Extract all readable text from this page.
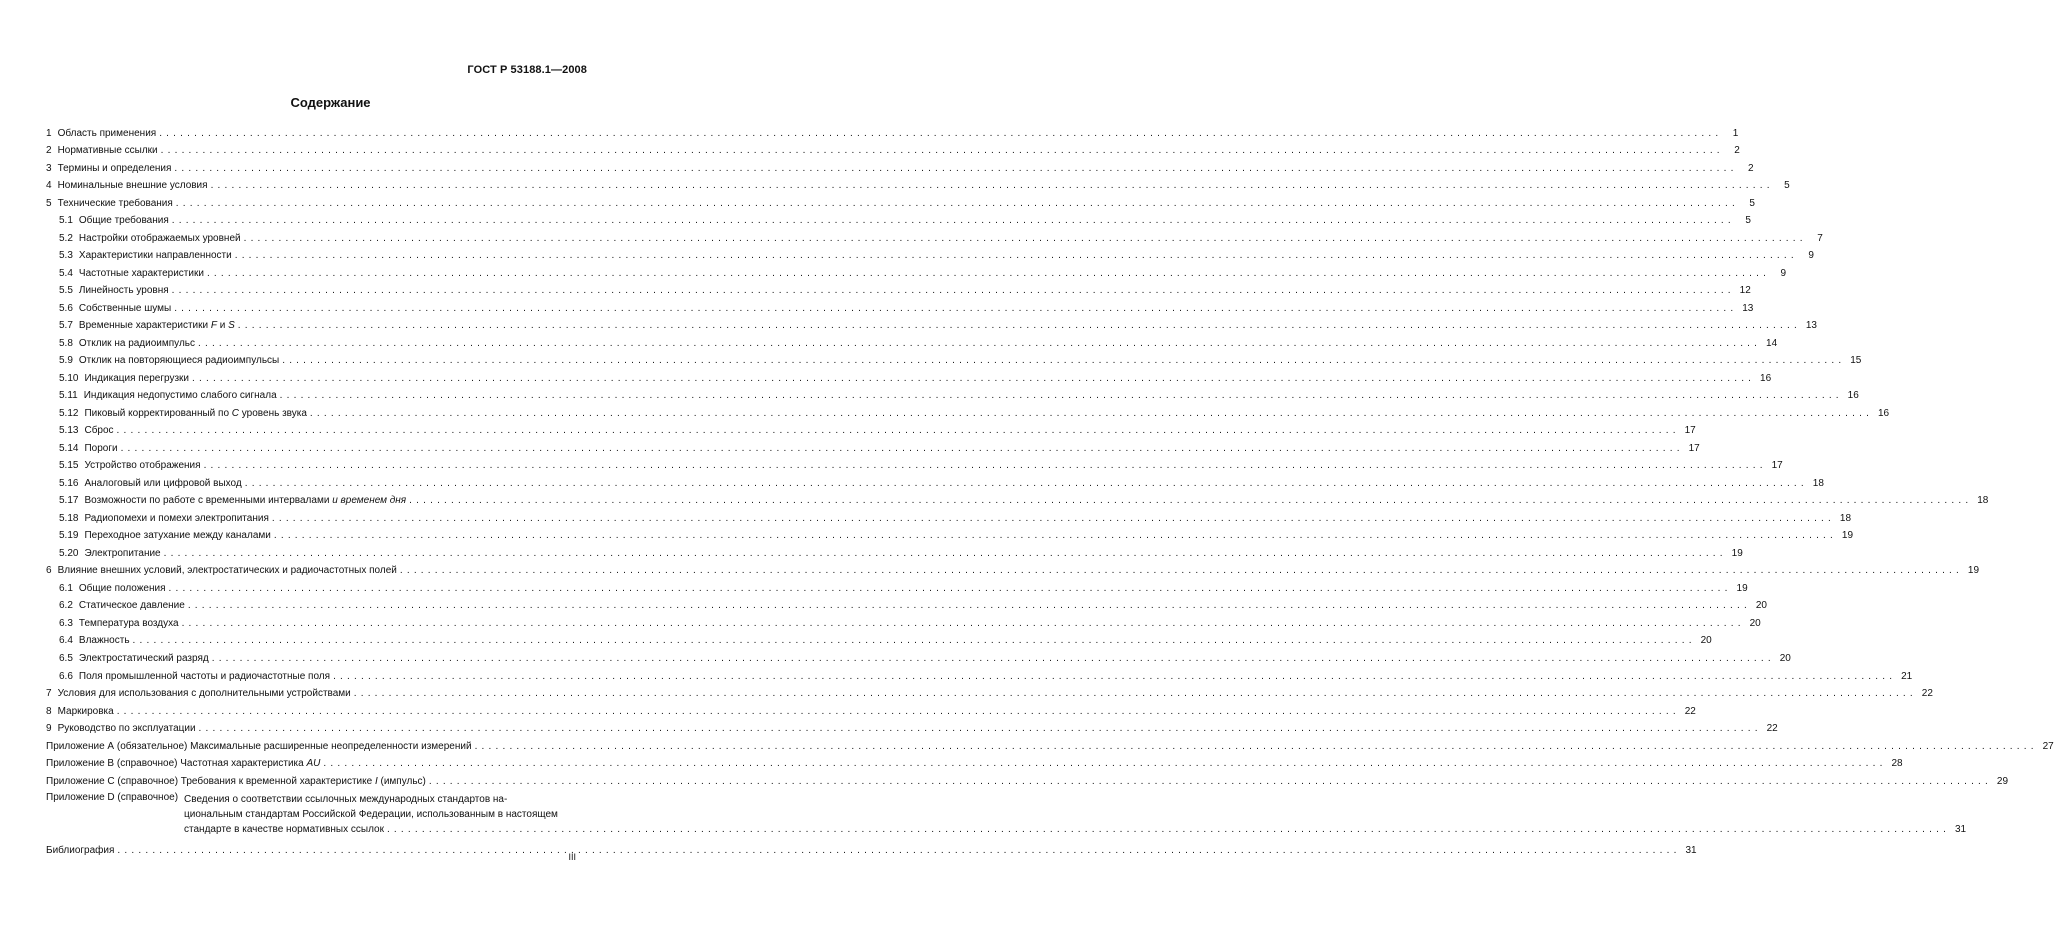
ГОСТ Р 53188.1—2008
Содержание
1 Область применения .....	1
2 Нормативные ссылки .....	2
3 Термины и определения .....	2
4 Номинальные внешние условия .....	5
5 Технические требования .....	5
5.1 Общие требования .....	5
5.2 Настройки отображаемых уровней .....	7
5.3 Характеристики направленности .....	9
5.4 Частотные характеристики .....	9
5.5 Линейность уровня .....	12
5.6 Собственные шумы .....	13
5.7 Временные характеристики F и S .....	13
5.8 Отклик на радиоимпульс .....	14
5.9 Отклик на повторяющиеся радиоимпульсы .....	15
5.10 Индикация перегрузки .....	16
5.11 Индикация недопустимо слабого сигнала .....	16
5.12 Пиковый корректированный по C уровень звука .....	16
5.13 Сброс .....	17
5.14 Пороги .....	17
5.15 Устройство отображения .....	17
5.16 Аналоговый или цифровой выход .....	18
5.17 Возможности по работе с временными интервалами и временем дня .....	18
5.18 Радиопомехи и помехи электропитания .....	18
5.19 Переходное затухание между каналами .....	19
5.20 Электропитание .....	19
6 Влияние внешних условий, электростатических и радиочастотных полей .....	19
6.1 Общие положения .....	19
6.2 Статическое давление .....	20
6.3 Температура воздуха .....	20
6.4 Влажность .....	20
6.5 Электростатический разряд .....	20
6.6 Поля промышленной частоты и радиочастотные поля .....	21
7 Условия для использования с дополнительными устройствами .....	22
8 Маркировка .....	22
9 Руководство по эксплуатации .....	22
Приложение А (обязательное) Максимальные расширенные неопределенности измерений .....	27
Приложение В (справочное) Частотная характеристика AU .....	28
Приложение С (справочное) Требования к временной характеристике I (импульс) .....	29
Приложение D (справочное) Сведения о соответствии ссылочных международных стандартов на-
циональным стандартам Российской Федерации, использованным в настоящем
стандарте в качестве нормативных ссылок .....	31
Библиография .....	31
III
